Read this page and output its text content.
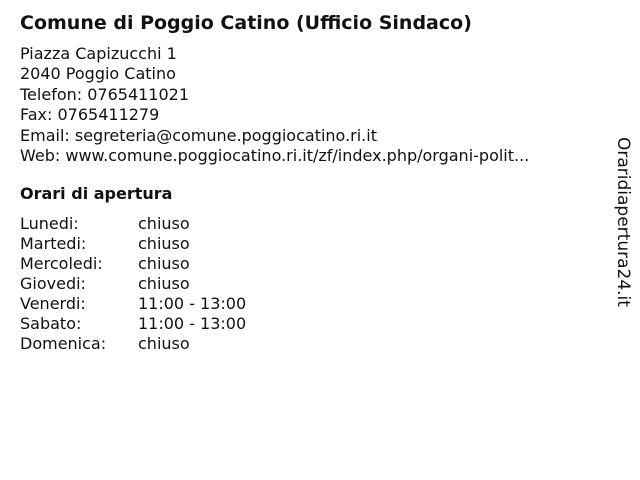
Comune di Poggio Catino (Ufficio Sindaco)
Piazza Capizucchi 1
2040 Poggio Catino
Telefon: 0765411021
Fax: 0765411279
Email: segreteria@comune.poggiocatino.ri.it
Web: www.comune.poggiocatino.ri.it/zf/index.php/organi-polit...
Orari di apertura
Lunedi:	chiuso
Martedi:	chiuso
Mercoledi:	chiuso
Giovedi:	chiuso
Venerdi:	11:00 - 13:00
Sabato:	11:00 - 13:00
Domenica:	chiuso
Oraridiapertura24.it
